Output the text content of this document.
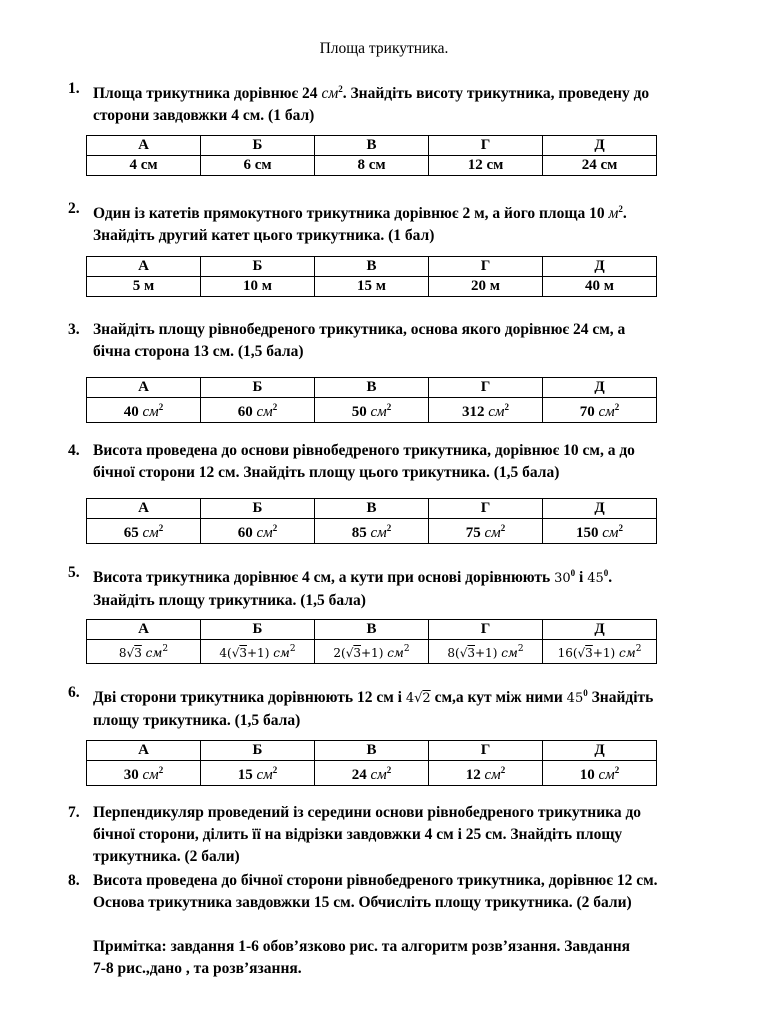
Площа трикутника.
1. Площа трикутника дорівнює 24 $см^2$. Знайдіть висоту трикутника, проведену до
сторони завдовжки 4 см. (1 бал)
А	Б	В	Г	Д
4 см	6 см	8 см	12 см	24 см
2. Один із катетів прямокутного трикутника дорівнює 2 м, а його площа 10 $м^2$.
Знайдіть другий катет цього трикутника. (1 бал)
А	Б	В	Г	Д
5 м	10 м	15 м	20 м	40 м
3. Знайдіть площу рівнобедреного трикутника, основа якого дорівнює 24 см, а
бічна сторона 13 см. (1,5 бала)
А	Б	В	Г	Д
40 $см^2$	60 $см^2$	50 $см^2$	312 $см^2$	70 $см^2$
4. Висота проведена до основи рівнобедреного трикутника, дорівнює 10 см, а до
бічної сторони 12 см. Знайдіть площу цього трикутника. (1,5 бала)
А	Б	В	Г	Д
65 $см^2$	60 $см^2$	85 $см^2$	75 $см^2$	150 $см^2$
5. Висота трикутника дорівнює 4 см, а кути при основі дорівнюють $30^0$ і $45^0$.
Знайдіть площу трикутника. (1,5 бала)
А	Б	В	Г	Д
8√3 $см^2$	4(√3+1) $см^2$	2(√3+1) $см^2$	8(√3+1) $см^2$	16(√3+1) $см^2$
6. Дві сторони трикутника дорівнюють 12 см і 4√2 см,а кут між ними $45^0$ Знайдіть
площу трикутника. (1,5 бала)
А	Б	В	Г	Д
30 $см^2$	15 $см^2$	24 $см^2$	12 $см^2$	10 $см^2$
7. Перпендикуляр проведений із середини основи рівнобедреного трикутника до
бічної сторони, ділить її на відрізки завдовжки 4 см і 25 см. Знайдіть площу
трикутника. (2 бали)
8. Висота проведена до бічної сторони рівнобедреного трикутника, дорівнює 12 см.
Основа трикутника завдовжки 15 см. Обчисліть площу трикутника. (2 бали)
Примітка: завдання 1-6 обов’язково рис. та алгоритм розв’язання. Завдання
7-8 рис.,дано , та розв’язання.
